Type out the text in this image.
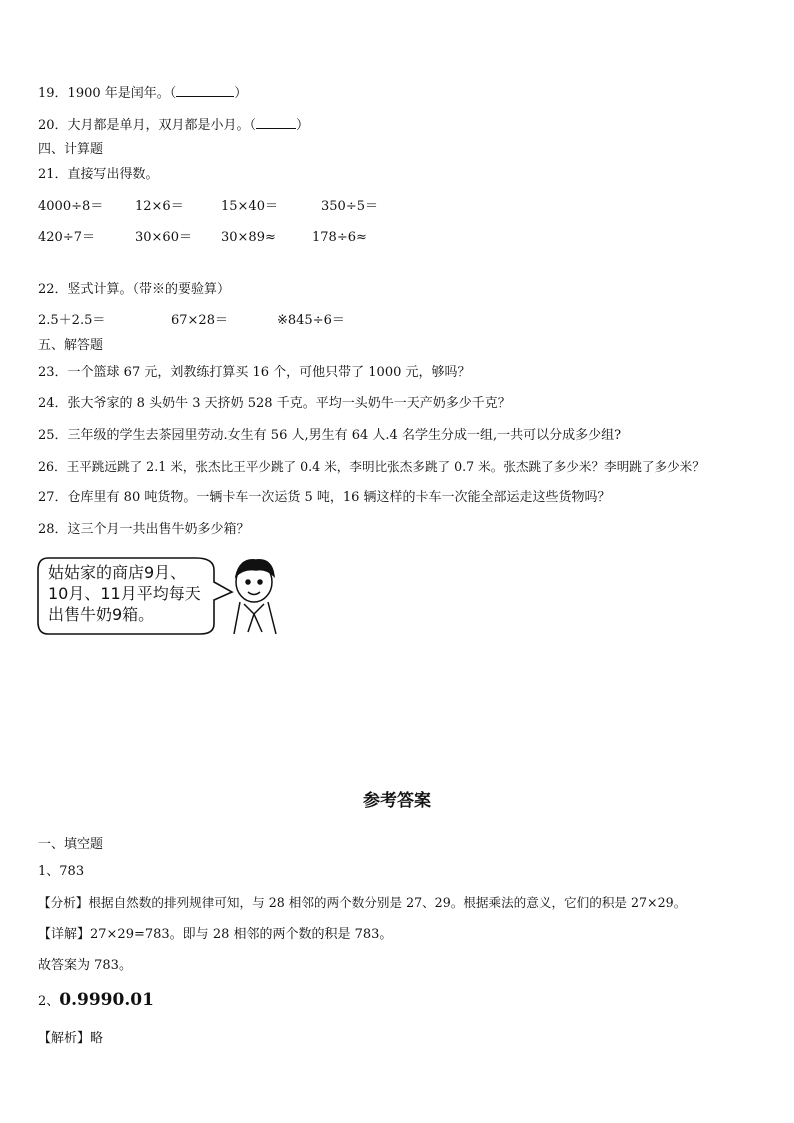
19．1900 年是闰年。（	）
20．大月都是单月，双月都是小月。（	）
四、计算题
21．直接写出得数。
4000÷8＝ 12×6＝	15×40＝	350÷5＝
420÷7＝	30×60＝ 30×89≈	178÷6≈
22．竖式计算。（带※的要验算）
2.5＋2.5＝	67×28＝	※845÷6＝
五、解答题
23．一个篮球 67 元，刘教练打算买 16 个，可他只带了 1000 元，够吗？
24．张大爷家的 8 头奶牛 3 天挤奶 528 千克。平均一头奶牛一天产奶多少千克？
25．三年级的学生去茶园里劳动.女生有 56 人,男生有 64 人.4 名学生分成一组,一共可以分成多少组?
26．王平跳远跳了 2.1 米，张杰比王平少跳了 0.4 米，李明比张杰多跳了 0.7 米。张杰跳了多少米？李明跳了多少米？
27．仓库里有 80 吨货物。一辆卡车一次运货 5 吨，16 辆这样的卡车一次能全部运走这些货物吗？
28．这三个月一共出售牛奶多少箱？
姑姑家的商店9月、
10月、11月平均每天
出售牛奶9箱。
参考答案
一、填空题
1、783
【分析】根据自然数的排列规律可知，与 28 相邻的两个数分别是 27、29。根据乘法的意义，它们的积是 27×29。
【详解】27×29=783。即与 28 相邻的两个数的积是 783。
故答案为 783。
2、0.9990.01
【解析】略
